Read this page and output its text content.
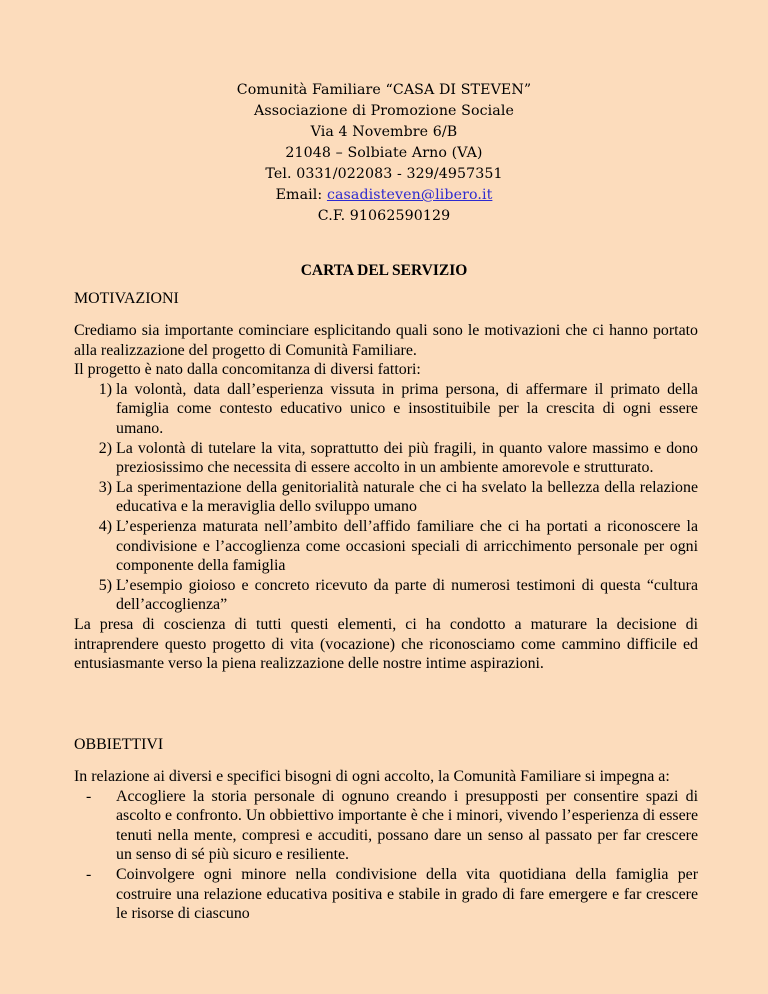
Comunità Familiare “CASA DI STEVEN”
Associazione di Promozione Sociale
Via 4 Novembre 6/B
21048 – Solbiate Arno (VA)
Tel. 0331/022083 - 329/4957351
Email: casadisteven@libero.it
C.F. 91062590129
CARTA DEL SERVIZIO
MOTIVAZIONI

Crediamo sia importante cominciare esplicitando quali sono le motivazioni che ci hanno portato alla realizzazione del progetto di Comunità Familiare.

Il progetto è nato dalla concomitanza di diversi fattori:

1) la volontà, data dall’esperienza vissuta in prima persona, di affermare il primato della famiglia come contesto educativo unico e insostituibile per la crescita di ogni essere umano.
2) La volontà di tutelare la vita, soprattutto dei più fragili, in quanto valore massimo e dono preziosissimo che necessita di essere accolto in un ambiente amorevole e strutturato.
3) La sperimentazione della genitorialità naturale che ci ha svelato la bellezza della relazione educativa e la meraviglia dello sviluppo umano
4) L’esperienza maturata nell’ambito dell’affido familiare che ci ha portati a riconoscere la condivisione e l’accoglienza come occasioni speciali di arricchimento personale per ogni componente della famiglia
5) L’esempio gioioso e concreto ricevuto da parte di numerosi testimoni di questa “cultura dell’accoglienza”

La presa di coscienza di tutti questi elementi, ci ha condotto a maturare la decisione di intraprendere questo progetto di vita (vocazione) che riconosciamo come cammino difficile ed entusiasmante verso la piena realizzazione delle nostre intime aspirazioni.

OBBIETTIVI

In relazione ai diversi e specifici bisogni di ogni accolto, la Comunità Familiare si impegna a:

-	Accogliere la storia personale di ognuno creando i presupposti per consentire spazi di ascolto e confronto. Un obbiettivo importante è che i minori, vivendo l’esperienza di essere tenuti nella mente, compresi e accuditi, possano dare un senso al passato per far crescere un senso di sé più sicuro e resiliente.
-	Coinvolgere ogni minore nella condivisione della vita quotidiana della famiglia per costruire una relazione educativa positiva e stabile in grado di fare emergere e far crescere le risorse di ciascuno
